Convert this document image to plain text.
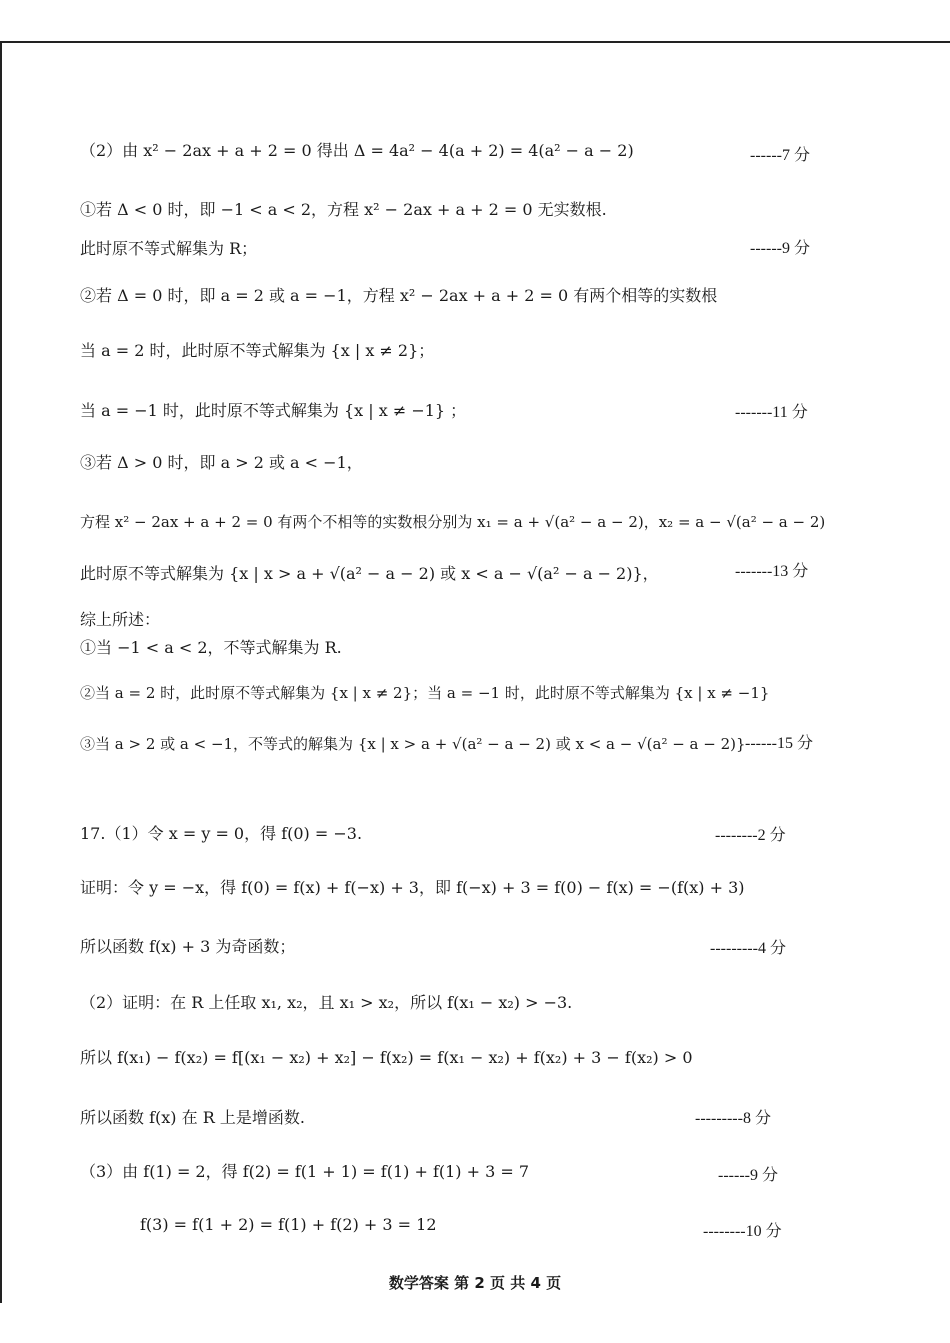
（2）由 x² − 2ax + a + 2 = 0 得出 Δ = 4a² − 4(a + 2) = 4(a² − a − 2)
①若 Δ < 0 时，即 −1 < a < 2，方程 x² − 2ax + a + 2 = 0 无实数根.
此时原不等式解集为 R；
②若 Δ = 0 时，即 a = 2 或 a = −1，方程 x² − 2ax + a + 2 = 0 有两个相等的实数根
当 a = 2 时，此时原不等式解集为 {x | x ≠ 2}；
当 a = −1 时，此时原不等式解集为 {x | x ≠ −1} ；
③若 Δ > 0 时，即 a > 2 或 a < −1，
方程 x² − 2ax + a + 2 = 0 有两个不相等的实数根分别为 x₁ = a + √(a² − a − 2)，x₂ = a − √(a² − a − 2)
此时原不等式解集为 {x | x > a + √(a² − a − 2) 或 x < a − √(a² − a − 2)}，
综上所述：
①当 −1 < a < 2，不等式解集为 R.
②当 a = 2 时，此时原不等式解集为 {x | x ≠ 2}；当 a = −1 时，此时原不等式解集为 {x | x ≠ −1}
③当 a > 2 或 a < −1，不等式的解集为 {x | x > a + √(a² − a − 2) 或 x < a − √(a² − a − 2)}
17.（1）令 x = y = 0，得 f(0) = −3.
证明：令 y = −x，得 f(0) = f(x) + f(−x) + 3，即 f(−x) + 3 = f(0) − f(x) = −(f(x) + 3)
所以函数 f(x) + 3 为奇函数；
（2）证明：在 R 上任取 x₁, x₂，且 x₁ > x₂，所以 f(x₁ − x₂) > −3.
所以 f(x₁) − f(x₂) = f[(x₁ − x₂) + x₂] − f(x₂) = f(x₁ − x₂) + f(x₂) + 3 − f(x₂) > 0
所以函数 f(x) 在 R 上是增函数.
（3）由 f(1) = 2，得 f(2) = f(1 + 1) = f(1) + f(1) + 3 = 7
f(3) = f(1 + 2) = f(1) + f(2) + 3 = 12
------7 分
------9 分
-------11 分
-------13 分
------15 分
--------2 分
---------4 分
---------8 分
------9 分
--------10 分
数学答案 第 2 页 共 4 页
